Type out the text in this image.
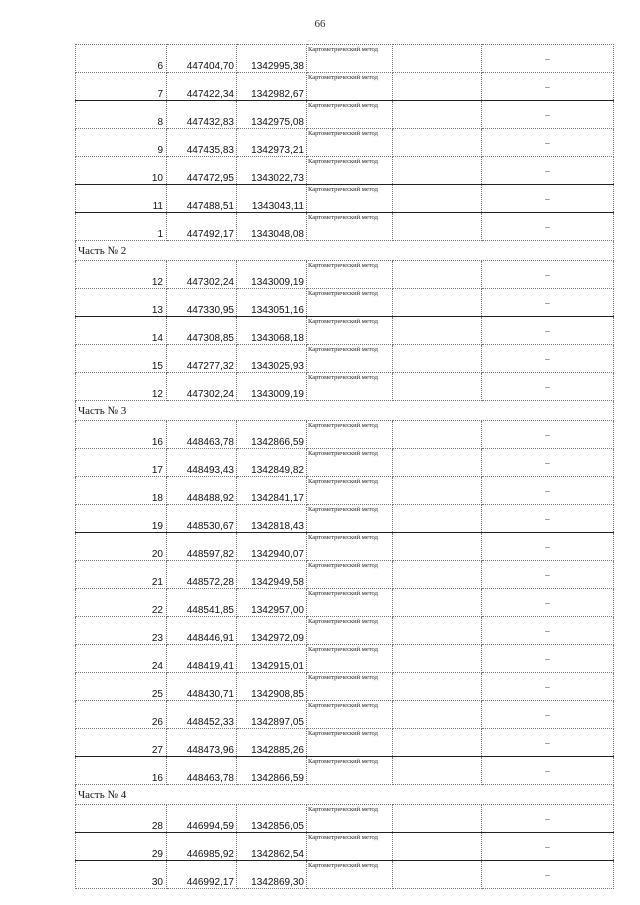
66
6	447404,70	1342995,38	Картометрический метод		–
7	447422,34	1342982,67	Картометрический метод		–
8	447432,83	1342975,08	Картометрический метод		–
9	447435,83	1342973,21	Картометрический метод		–
10	447472,95	1343022,73	Картометрический метод		–
11	447488,51	1343043,11	Картометрический метод		–
1	447492,17	1343048,08	Картометрический метод		–
Часть № 2					
12	447302,24	1343009,19	Картометрический метод		–
13	447330,95	1343051,16	Картометрический метод		–
14	447308,85	1343068,18	Картометрический метод		–
15	447277,32	1343025,93	Картометрический метод		–
12	447302,24	1343009,19	Картометрический метод		–
Часть № 3					
16	448463,78	1342866,59	Картометрический метод		–
17	448493,43	1342849,82	Картометрический метод		–
18	448488,92	1342841,17	Картометрический метод		–
19	448530,67	1342818,43	Картометрический метод		–
20	448597,82	1342940,07	Картометрический метод		–
21	448572,28	1342949,58	Картометрический метод		–
22	448541,85	1342957,00	Картометрический метод		–
23	448446,91	1342972,09	Картометрический метод		–
24	448419,41	1342915,01	Картометрический метод		–
25	448430,71	1342908,85	Картометрический метод		–
26	448452,33	1342897,05	Картометрический метод		–
27	448473,96	1342885,26	Картометрический метод		–
16	448463,78	1342866,59	Картометрический метод		–
Часть № 4					
28	446994,59	1342856,05	Картометрический метод		–
29	446985,92	1342862,54	Картометрический метод		–
30	446992,17	1342869,30	Картометрический метод		–
